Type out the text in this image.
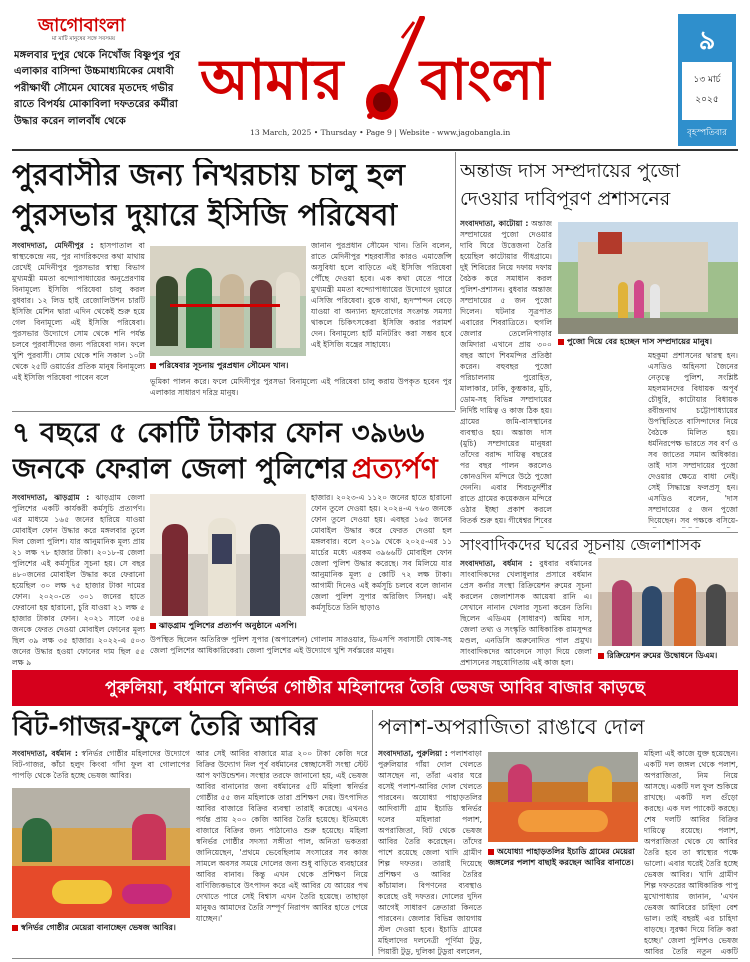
জাগোবাংলা
মা মাটি মানুষের সঙ্গে সবসময়
মঙ্গলবার দুপুর থেকে নিখোঁজ বিষ্ণুপুর পুর এলাকার বাসিন্দা উচ্চমাধ্যমিকের মেধাবী পরীক্ষার্থী সৌমেন ঘোষের মৃতদেহ গভীর রাতে বিপর্যয় মোকাবিলা দফতরের কর্মীরা উদ্ধার করেন লালবাঁধ থেকে
আমার বাংলা
13 March, 2025 • Thursday • Page 9 | Website - www.jagobangla.in
৯
১৩ মার্চ
২০২৫
বৃহস্পতিবার
পুরবাসীর জন্য নিখরচায় চালু হল
পুরসভার দুয়ারে ইসিজি পরিষেবা
সংবাদদাতা, মেদিনীপুর : হাসপাতাল বা স্বাস্থ্যকেন্দ্রে নয়, পুর নাগরিকদের কথা মাথায় রেখেই মেদিনীপুর পুরসভার স্বাস্থ্য বিভাগ মুখ্যমন্ত্রী মমতা বন্দ্যোপাধ্যায়ের অনুপ্রেরণায় বিনামূল্যে ইসিজি পরিষেবা চালু করল বুধবার। ১২ লিড হাই রেজোলিউশন চারটি ইসিজি মেশিন দ্বারা এদিন থেকেই শুরু হয়ে গেল বিনামূল্যে এই ইসিজি পরিষেবা। পুরসভার উদ্যোগে সোম থেকে শনি পর্যন্ত চলবে পুরবাসীদের জন্য পরিষেবা দান। ফলে খুশি পুরবাসী। সোম থেকে শনি সকাল ১০টা থেকে ২৫টি ওয়ার্ডের প্রতিক মানুষ বিনামূল্যে এই ইসিজি পরিষেবা পাবেন বলে
পরিষেবার সূচনায় পুরপ্রধান সৌমেন খান।
জানান পুরপ্রধান সৌমেন খান। তিনি বলেন, রাতে মেদিনীপুর শহরবাসীর কারও এমার্জেন্সি অসুবিধা হলে বাড়িতে এই ইসিজি পরিষেবা পৌঁছে দেওয়া হবে। এক কথা যেতে পারে মুখ্যমন্ত্রী মমতা বন্দ্যোপাধ্যায়ের উদ্যোগে দুয়ারে এসিজি পরিষেবা। বুকে ব্যথা, হৃদস্পন্দন বেড়ে যাওয়া বা অন্যান্য হৃদরোগের সংক্রান্ত সমস্যা থাকলে চিকিৎসকেরা ইসিজি করার পরামর্শ দেন। বিনামূল্যে হার্ট মনিটরিং করা সম্ভব হবে এই ইসিজি যন্ত্রের সাহায্যে।
ভূমিকা পালন করে। ফলে মেদিনীপুর পুরসভা বিনামূল্যে এই পরিষেবা চালু করায় উপকৃত হবেন পুর এলাকার সাধারণ দরিদ্র মানুষ।
অন্তাজ দাস সম্প্রদায়ের পুজো
দেওয়ার দাবিপূরণ প্রশাসনের
সংবাদদাতা, কাটোয়া : অন্তাজ সম্প্রদায়ের পুজো দেওয়ার দাবি ঘিরে উত্তেজনা তৈরি হয়েছিল কাটোয়ার গীধগ্রামে। দুই শিবিরের নিয়ে দফায় দফায় বৈঠক করে সমাধান করল পুলিশ-প্রশাসন। বুধবার অন্তাজ সম্প্রদায়ের ৫ জন পুজো দিলেন। ঘটনার সূত্রপাত এবারের শিবরাত্রিতে। হুগলি জেলার তেলেনিপাড়ার জমিদারা এখানে প্রায় ৩০০ বছর আগে শিবমন্দির প্রতিষ্ঠা করেন। বহুবছর পুজো পরিচালনায় পুরোহিত, মালাকার, ঢাকি, কুম্ভকার, মুচি, ডোম-সহ বিভিন্ন সম্প্রদায়ের নির্দিষ্ট দায়িত্ব ও কাজ ঠিক হয়। গ্রামের জমি-বাসস্থানের ব্যবস্থাও হয়। অন্তাজ দাস (মুচি) সম্প্রদায়ের মানুষরা তাঁদের বরাদ্দ দায়িত্ব বছরের পর বছর পালন করলেও কোনওদিন মন্দিরে উঠে পুজো দেননি। এবার শিবচতুর্দশীর রাতে গ্রামের কয়েকজন মন্দিরে ওঠার ইচ্ছা প্রকাশ করলে বিতর্ক শুরু হয়। গীধেশ্বর শিবের
পুজো দিয়ে বের হচ্ছেন দাস সম্প্রদায়ের মানুষ।
মহকুমা প্রশাসনের দ্বারস্থ হন। এসডিও অহিনসা জৈনের নেতৃত্বে পুলিশ, সংশ্লিষ্ট মহলমানদের বিধায়ক অপূর্ব চৌধুরি, কাটোয়ার বিধায়ক রবীন্দ্রনাথ চট্টোপাধ্যায়ের উপস্থিতিতে বাসিন্দাদের নিয়ে বৈঠকে মিলিত হয়। ধর্মনিরপেক্ষ ভারতে সব বর্ণ ও সব জাতের সমান অধিকার। তাই দাস সম্প্রদায়ের পুজো দেওয়ার ক্ষেত্রে বাধা নেই। সেই সিদ্ধান্তে ফলপ্রসূ হন। এসডিও বলেন, 'দাস সম্প্রদায়ের ৫ জন পুজো দিয়েছেন। সব পক্ষকে বসিয়ে-
৭ বছরে ৫ কোটি টাকার ফোন ৩৯৬৬
জনকে ফেরাল জেলা পুলিশের প্রত্যর্পণ
সংবাদদাতা, ঝাড়গ্রাম : ঝাড়গ্রাম জেলা পুলিশের একটি কার্যকরী কর্মসূচি প্রত্যর্পণ। এর মাধ্যমে ১৬৫ জনের হারিয়ে যাওয়া মোবাইল ফোন উদ্ধার করে মঙ্গলবার তুলে দিল জেলা পুলিশ। যার আনুমানিক মূল্য প্রায় ২১ লক্ষ ৭৮ হাজার টাকা। ২০১৮-য় জেলা পুলিশের এই কর্মসূচির সূচনা হয়। সে বছর ৪৮০জনের মোবাইল উদ্ধার করে ফেরানো হয়েছিল ৩০ লক্ষ ৭৫ হাজার টাকা দামের ফোন। ২০২০-তে ৩০১ জনের হাতে ফেরানো হয় হারানো, চুরি যাওয়া ২১ লক্ষ ৫ হাজার টাকার ফোন। ২০২১ সালে ৩৫৪ জনকে ফেরত দেওয়া মোবাইল ফোনের মূল্য ছিল ৩৯ লক্ষ ৩৫ হাজার। ২০২২-এ ৫০৩ জনের উদ্ধার হওয়া ফোনের দাম ছিল ৫৫ লক্ষ ৯
ঝাড়গ্রাম পুলিশের প্রত্যর্পণ অনুষ্ঠানে এসপি।
হাজার। ২০২৩-এ ১১২০ জনের হাতে হারানো ফোন তুলে দেওয়া হয়। ২০২৪-এ ৭৬৩ জনকে ফোন তুলে দেওয়া হয়। এবছর ১৬৫ জনের মোবাইল উদ্ধার করে ফেরত দেওয়া হল মঙ্গলবার। বলে ২০১৯ থেকে ২০২৫-এর ১১ মার্চের মধ্যে এরকম ৩৯৬৬টি মোবাইল ফোন জেলা পুলিশ উদ্ধার করেছে। সব মিলিয়ে যার আনুমানিক মূল্য ৫ কোটি ৭২ লক্ষ টাকা। আগামী দিনেও এই কর্মসূচি চলবে বলে জানান জেলা পুলিশ সুপার অরিজিৎ সিনহা। এই কর্মসূচিতে তিনি ছাড়াও
উপস্থিত ছিলেন অতিরিক্ত পুলিশ সুপার (অপারেশন) গোলাম সারওয়ার, ডিএসপি সবাসাচী ঘোষ-সহ জেলা পুলিশের আধিকারিকেরা। জেলা পুলিশের এই উদ্যোগে খুশি সর্বস্তরের মানুষ।
সাংবাদিকদের ঘরের সূচনায় জেলাশাসক
সংবাদদাতা, বর্ধমান : বুধবার বর্ধমানের সাংবাদিকদের খেলাধুলার প্রসারে বর্ধমান প্রেস কর্নার সংস্থা রিক্রিয়েশন রুমের সূচনা করলেন জেলাশাসক আয়েষা রানি এ। সেখানে নানান খেলার সূচনা করেন তিনি। ছিলেন এডিএম (সাধারণ) অমিয় দাস, জেলা তথ্য ও সংস্কৃতি আধিকারিক রামসুন্দর মণ্ডল, এনডিসি অরুনোদিত পাল প্রমুখ। সাংবাদিকদের আবেদনে সাড়া দিয়ে জেলা প্রশাসনের সহযোগিতায় এই কাজ হল।
রিক্রিয়েশন রুমের উদ্বোধনে ডিএম।
পুরুলিয়া, বর্ধমানে স্বনির্ভর গোষ্ঠীর মহিলাদের তৈরি ভেষজ আবির বাজার কাড়ছে
বিট-গাজর-ফুলে তৈরি আবির
সংবাদদাতা, বর্ধমান : স্বনির্ভর গোষ্ঠীর মহিলাদের উদ্যোগে বিট-গাজর, কাঁচা হলুদ কিংবা গাঁদা ফুল বা গোলাপের পাপড়ি থেকে তৈরি হচ্ছে ভেষজ আবির।
স্বনির্ভর গোষ্ঠীর মেয়েরা বানাচ্ছেন ভেষজ আবির।
আর সেই আবির বাজারে মাত্র ২০০ টাকা কেজি দরে বিক্রির উদ্যোগ নিল পূর্ব বর্ধমানের স্বেচ্ছাসেবী সংস্থা স্টেট আপ ফাউন্ডেশন। সংস্থার তরফে জানানো হয়, এই ভেষজ আবির বানানোর জন্য বর্ধমানের ৫টি মহিলা স্বনির্ভর গোষ্ঠীর ৫৫ জন মহিলাকে তারা প্রশিক্ষণ দেয়। উৎপাদিত আবির বাজারে বিক্রির ব্যবস্থা তারাই করেছে। এখনও পর্যন্ত প্রায় ২০০ কেজি আবির তৈরি হয়েছে। ইতিমধ্যে বাজারে বিক্রির জন্য পাঠানোও শুরু হয়েছে। মহিলা স্বনির্ভর গোষ্ঠীর সদস্যা সঙ্গীতা পাল, অনিতা ভকতরা জানিয়েছেন, 'প্রথমে ভেবেছিলাম সংসারের সব কাজ সামলে অবসর সময়ে দোলের জন্য শুধু বাড়িতে ব্যবহারের আবির বানাব। কিন্তু এখন থেকে প্রশিক্ষণ নিয়ে বাণিজ্যিকভাবে উৎপাদন করে এই আবির যে আয়ের পথ দেখাতে পারে সেই বিশ্বাস এখন তৈরি হয়েছে। তাছাড়া মানুষও আমাদের তৈরি সম্পূর্ণ নিরাপদ আবির হাতে পেয়ে যাচ্ছেন।'
পলাশ-অপরাজিতা রাঙাবে দোল
সংবাদদাতা, পুরুলিয়া : পলাশবাড়া পুরুলিয়ার গাঁয়া দোল খেলতে আসছেন না, তাঁরা এবার ঘরে বসেই পলাশ-আবির দোল খেলতে পারবেন। অযোধ্যা পাহাড়তলির আদিবাসী গ্রাম ইচাডি স্বনির্ভর দলের মহিলারা পলাশ, অপরাজিতা, বিট থেকে ভেষজ আবির তৈরি করেছেন। তাঁদের পাশে রয়েছে জেলা খাদি গ্রামীণ শিল্প দফতর। তারাই দিয়েছে প্রশিক্ষণ ও আবির তৈরির কাঁচামাল। বিপণনের ব্যবস্থাও করেছে ওই দফতর। দোলের দুদিন আগেই সাধারণ ক্রেতারা কিনতে পারবেন। জেলার বিভিন্ন জায়গায় স্টল দেওয়া হবে। ইচাডি গ্রামের মহিলাদের দলনেত্রী পূর্ণিমা টুডু, পিয়ারী টুডু, দুলিকা টুডুরা বললেন,
অযোধ্যা পাহাড়তলির ইচাডি গ্রামের মেয়েরা
জঙ্গলের পলাশ বাছাই করছেন আবির বানাতে।
মহিলা এই কাজে যুক্ত হয়েছেন। একটি দল জঙ্গল থেকে পলাশ, অপরাজিতা, নিম নিয়ে আসছে। একটি দল ফুল শুকিয়ে রাখছে। একটি দল গুঁড়ো করছে। এক দল প্যাকেট করছে। শেষ দলটি আবির বিক্রির দায়িত্বে রয়েছে। পলাশ, অপরাজিতা থেকে যে আবির তৈরি হবে তা স্বাস্থ্যের পক্ষে ভালো। এবার ঘরেই তৈরি হচ্ছে ভেষজ আবির। খাদি গ্রামীণ শিল্প দফতরের আধিকারিক পাপু মুখোপাধ্যায় জানান, 'এখন ভেষজ আবিরের চাহিদা বেশ ভাল। তাই বছরই এর চাহিদা বাড়ছে। সুরক্ষা দিয়ে বিক্রি করা হচ্ছে।' জেলা পুলিশও ভেষজ আবির তৈরি নতুন একটি
